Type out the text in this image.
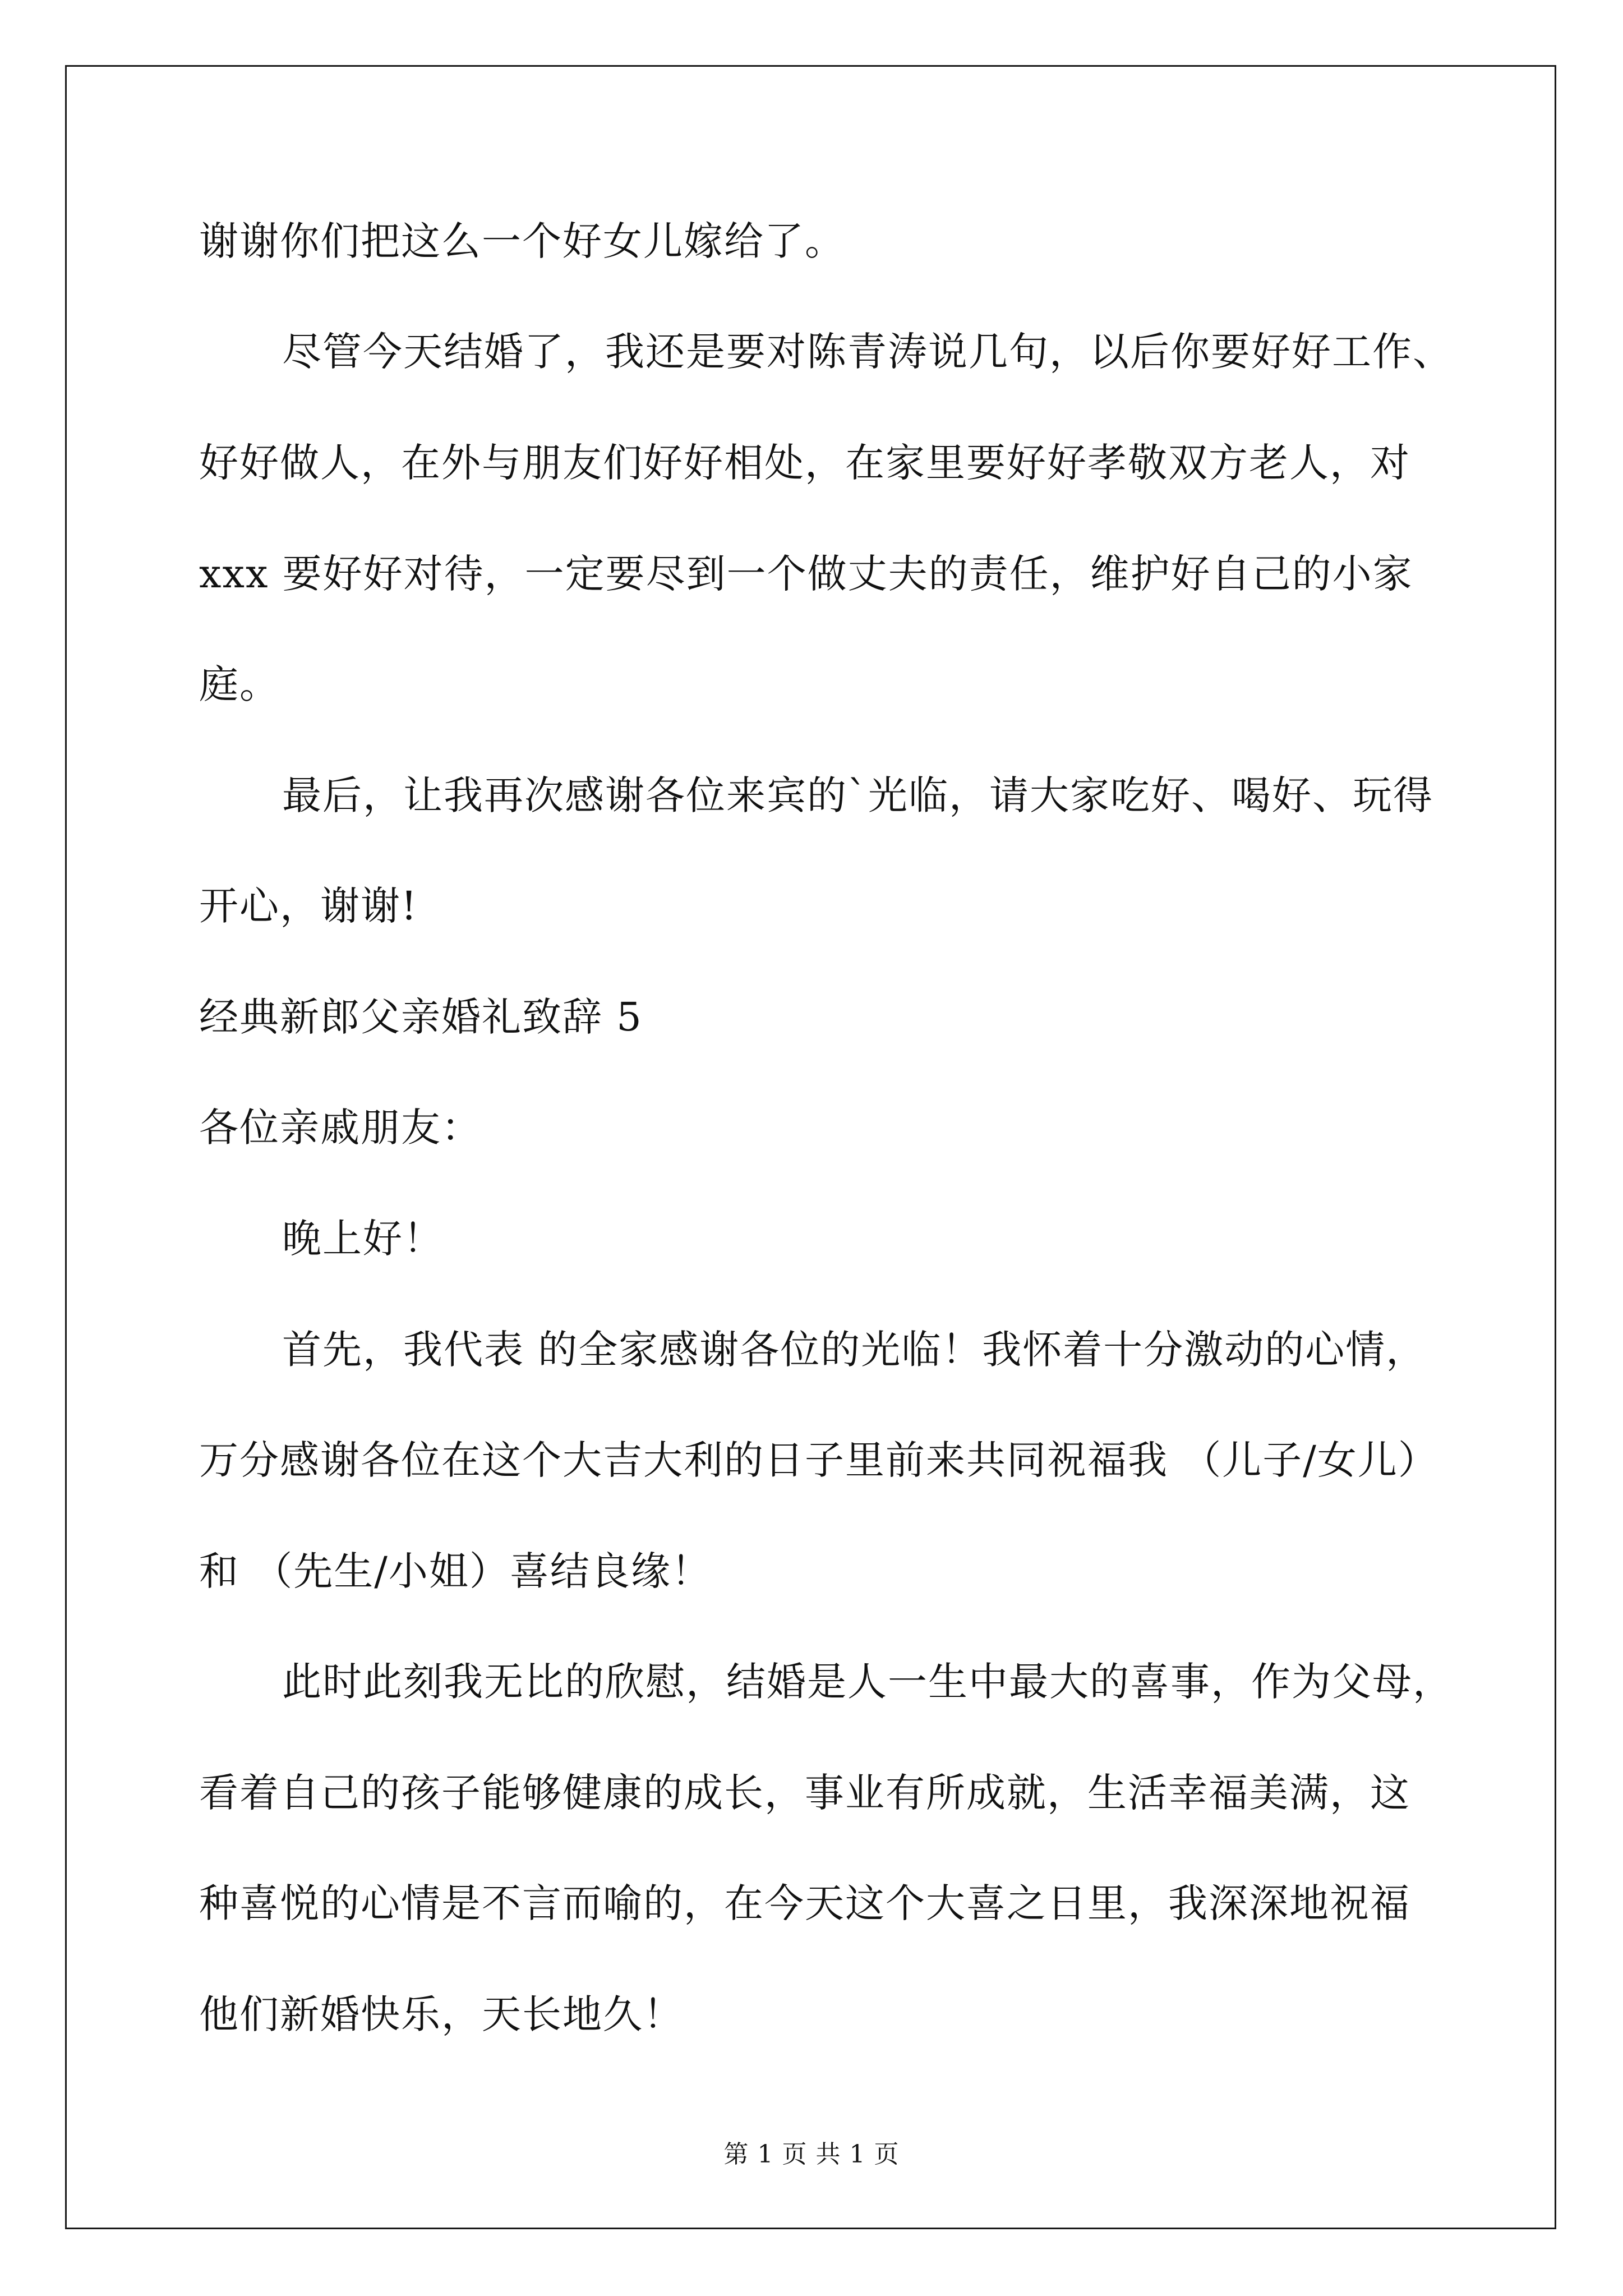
谢谢你们把这么一个好女儿嫁给了。
尽管今天结婚了，我还是要对陈青涛说几句，以后你要好好工作、
好好做人，在外与朋友们好好相处，在家里要好好孝敬双方老人，对
xxx 要好好对待，一定要尽到一个做丈夫的责任，维护好自己的小家
庭。
最后，让我再次感谢各位来宾的`光临，请大家吃好、喝好、玩得
开心，谢谢!
经典新郎父亲婚礼致辞 5
各位亲戚朋友：
晚上好！
首先，我代表 的全家感谢各位的光临！我怀着十分激动的心情，
万分感谢各位在这个大吉大利的日子里前来共同祝福我 （儿子/女儿）
和 （先生/小姐）喜结良缘！
此时此刻我无比的欣慰，结婚是人一生中最大的喜事，作为父母，
看着自己的孩子能够健康的成长，事业有所成就，生活幸福美满，这
种喜悦的心情是不言而喻的，在今天这个大喜之日里，我深深地祝福
他们新婚快乐，天长地久！
第 1 页 共 1 页
